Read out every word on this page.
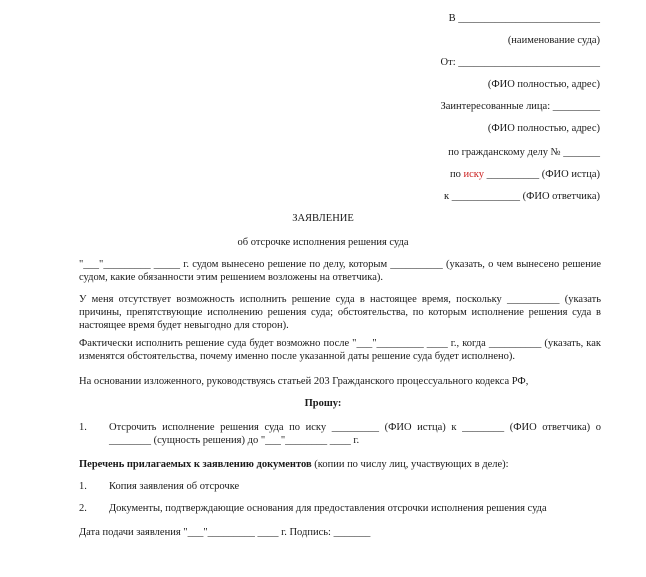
В ___________________________
(наименование суда)
От: ___________________________
(ФИО полностью, адрес)
Заинтересованные лица: _________
(ФИО полностью, адрес)
по гражданскому делу № _______
по иску __________ (ФИО истца)
к _____________ (ФИО ответчика)
ЗАЯВЛЕНИЕ
об отсрочке исполнения решения суда
"___"_________ _____ г. судом вынесено решение по делу, которым __________ (указать, о чем вынесено решение судом, какие обязанности этим решением возложены на ответчика).
У меня отсутствует возможность исполнить решение суда в настоящее время, поскольку __________ (указать причины, препятствующие исполнению решения суда; обстоятельства, по которым исполнение решения суда в настоящее время будет невыгодно для сторон).
Фактически исполнить решение суда будет возможно после "___"_________ ____ г., когда __________ (указать, как изменятся обстоятельства, почему именно после указанной даты решение суда будет исполнено).
На основании изложенного, руководствуясь статьей 203 Гражданского процессуального кодекса РФ,
Прошу:
1. Отсрочить исполнение решения суда по иску _________ (ФИО истца) к ________ (ФИО ответчика) о ________ (сущность решения) до "___"________ ____ г.
Перечень прилагаемых к заявлению документов (копии по числу лиц, участвующих в деле):
1. Копия заявления об отсрочке
2. Документы, подтверждающие основания для предоставления отсрочки исполнения решения суда
Дата подачи заявления "___"_________ ____ г. Подпись: _______
